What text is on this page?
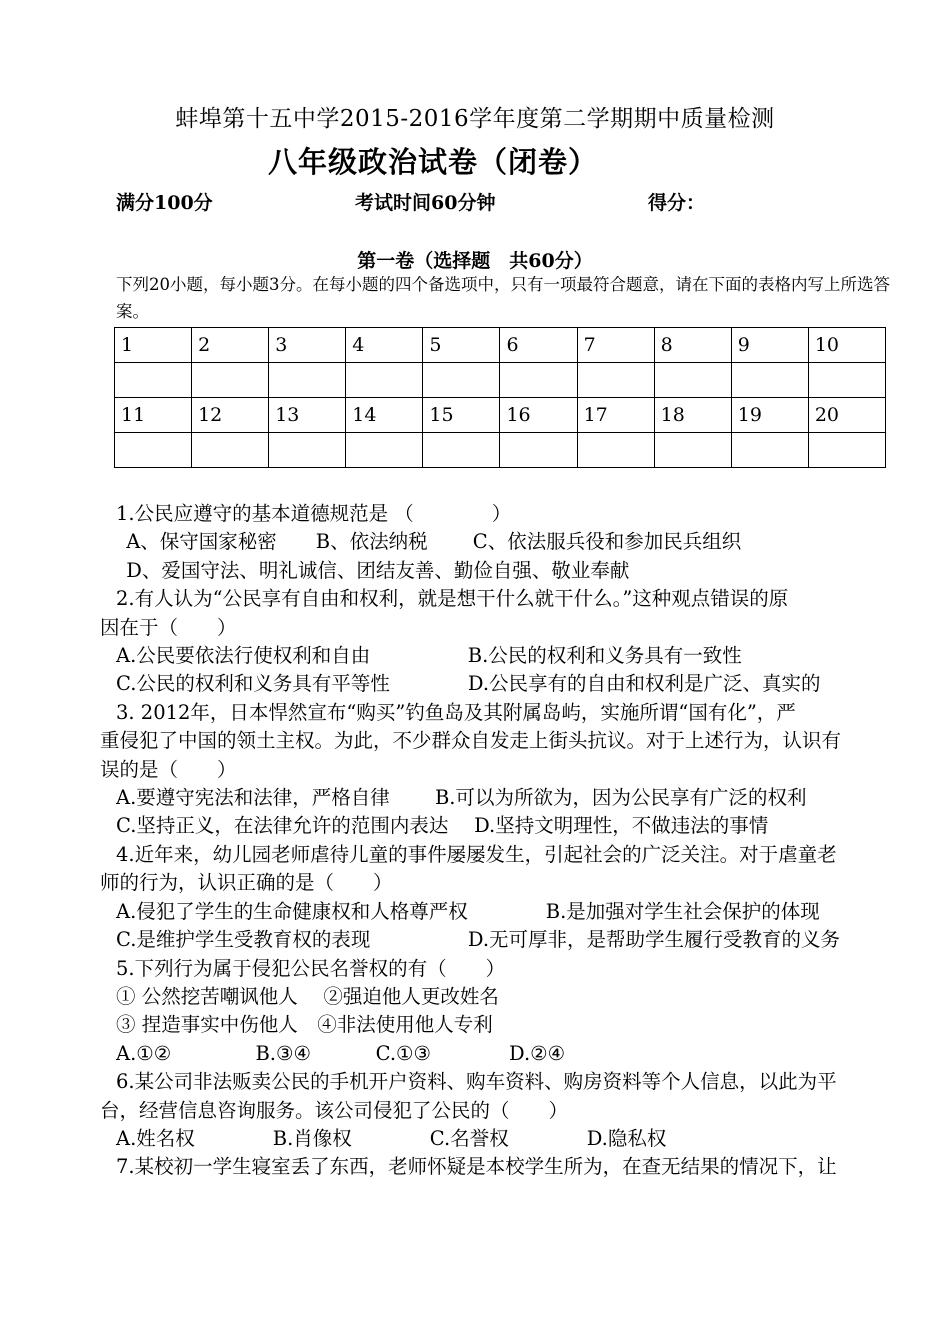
蚌埠第十五中学2015-2016学年度第二学期期中质量检测
八年级政治试卷（闭卷）
满分100分	考试时间60分钟	得分：
第一卷（选择题　共60分）
下列20小题，每小题3分。在每小题的四个备选项中，只有一项最符合题意，请在下面的表格内写上所选答案。
1	2	3	4	5	6	7	8	9	10

11	12	13	14	15	16	17	18	19	20

1.公民应遵守的基本道德规范是 （　　　　）
A、保守国家秘密　　B、依法纳税　　 C、依法服兵役和参加民兵组织
D、爱国守法、明礼诚信、团结友善、勤俭自强、敬业奉献
2.有人认为“公民享有自由和权利，就是想干什么就干什么。”这种观点错误的原
因在于（　　）
A.公民要依法行使权利和自由　　　　　B.公民的权利和义务具有一致性
C.公民的权利和义务具有平等性　　　　D.公民享有的自由和权利是广泛、真实的
3. 2012年，日本悍然宣布“购买”钓鱼岛及其附属岛屿，实施所谓“国有化”，严
重侵犯了中国的领土主权。为此，不少群众自发走上街头抗议。对于上述行为，认识有
误的是（　　）
A.要遵守宪法和法律，严格自律　　 B.可以为所欲为，因为公民享有广泛的权利
C.坚持正义，在法律允许的范围内表达　 D.坚持文明理性，不做违法的事情
4.近年来，幼儿园老师虐待儿童的事件屡屡发生，引起社会的广泛关注。对于虐童老
师的行为，认识正确的是（　　）
A.侵犯了学生的生命健康权和人格尊严权　　　　B.是加强对学生社会保护的体现
C.是维护学生受教育权的表现　　　　　D.无可厚非，是帮助学生履行受教育的义务
5.下列行为属于侵犯公民名誉权的有（　　）
① 公然挖苦嘲讽他人　 ②强迫他人更改姓名
③ 捏造事实中伤他人　④非法使用他人专利
A.①②　　　　 B.③④　　　 C.①③　　　　D.②④
6.某公司非法贩卖公民的手机开户资料、购车资料、购房资料等个人信息，以此为平
台，经营信息咨询服务。该公司侵犯了公民的（　　）
A.姓名权　　　　B.肖像权　　　　C.名誉权　　　　D.隐私权
7.某校初一学生寝室丢了东西，老师怀疑是本校学生所为，在查无结果的情况下，让
